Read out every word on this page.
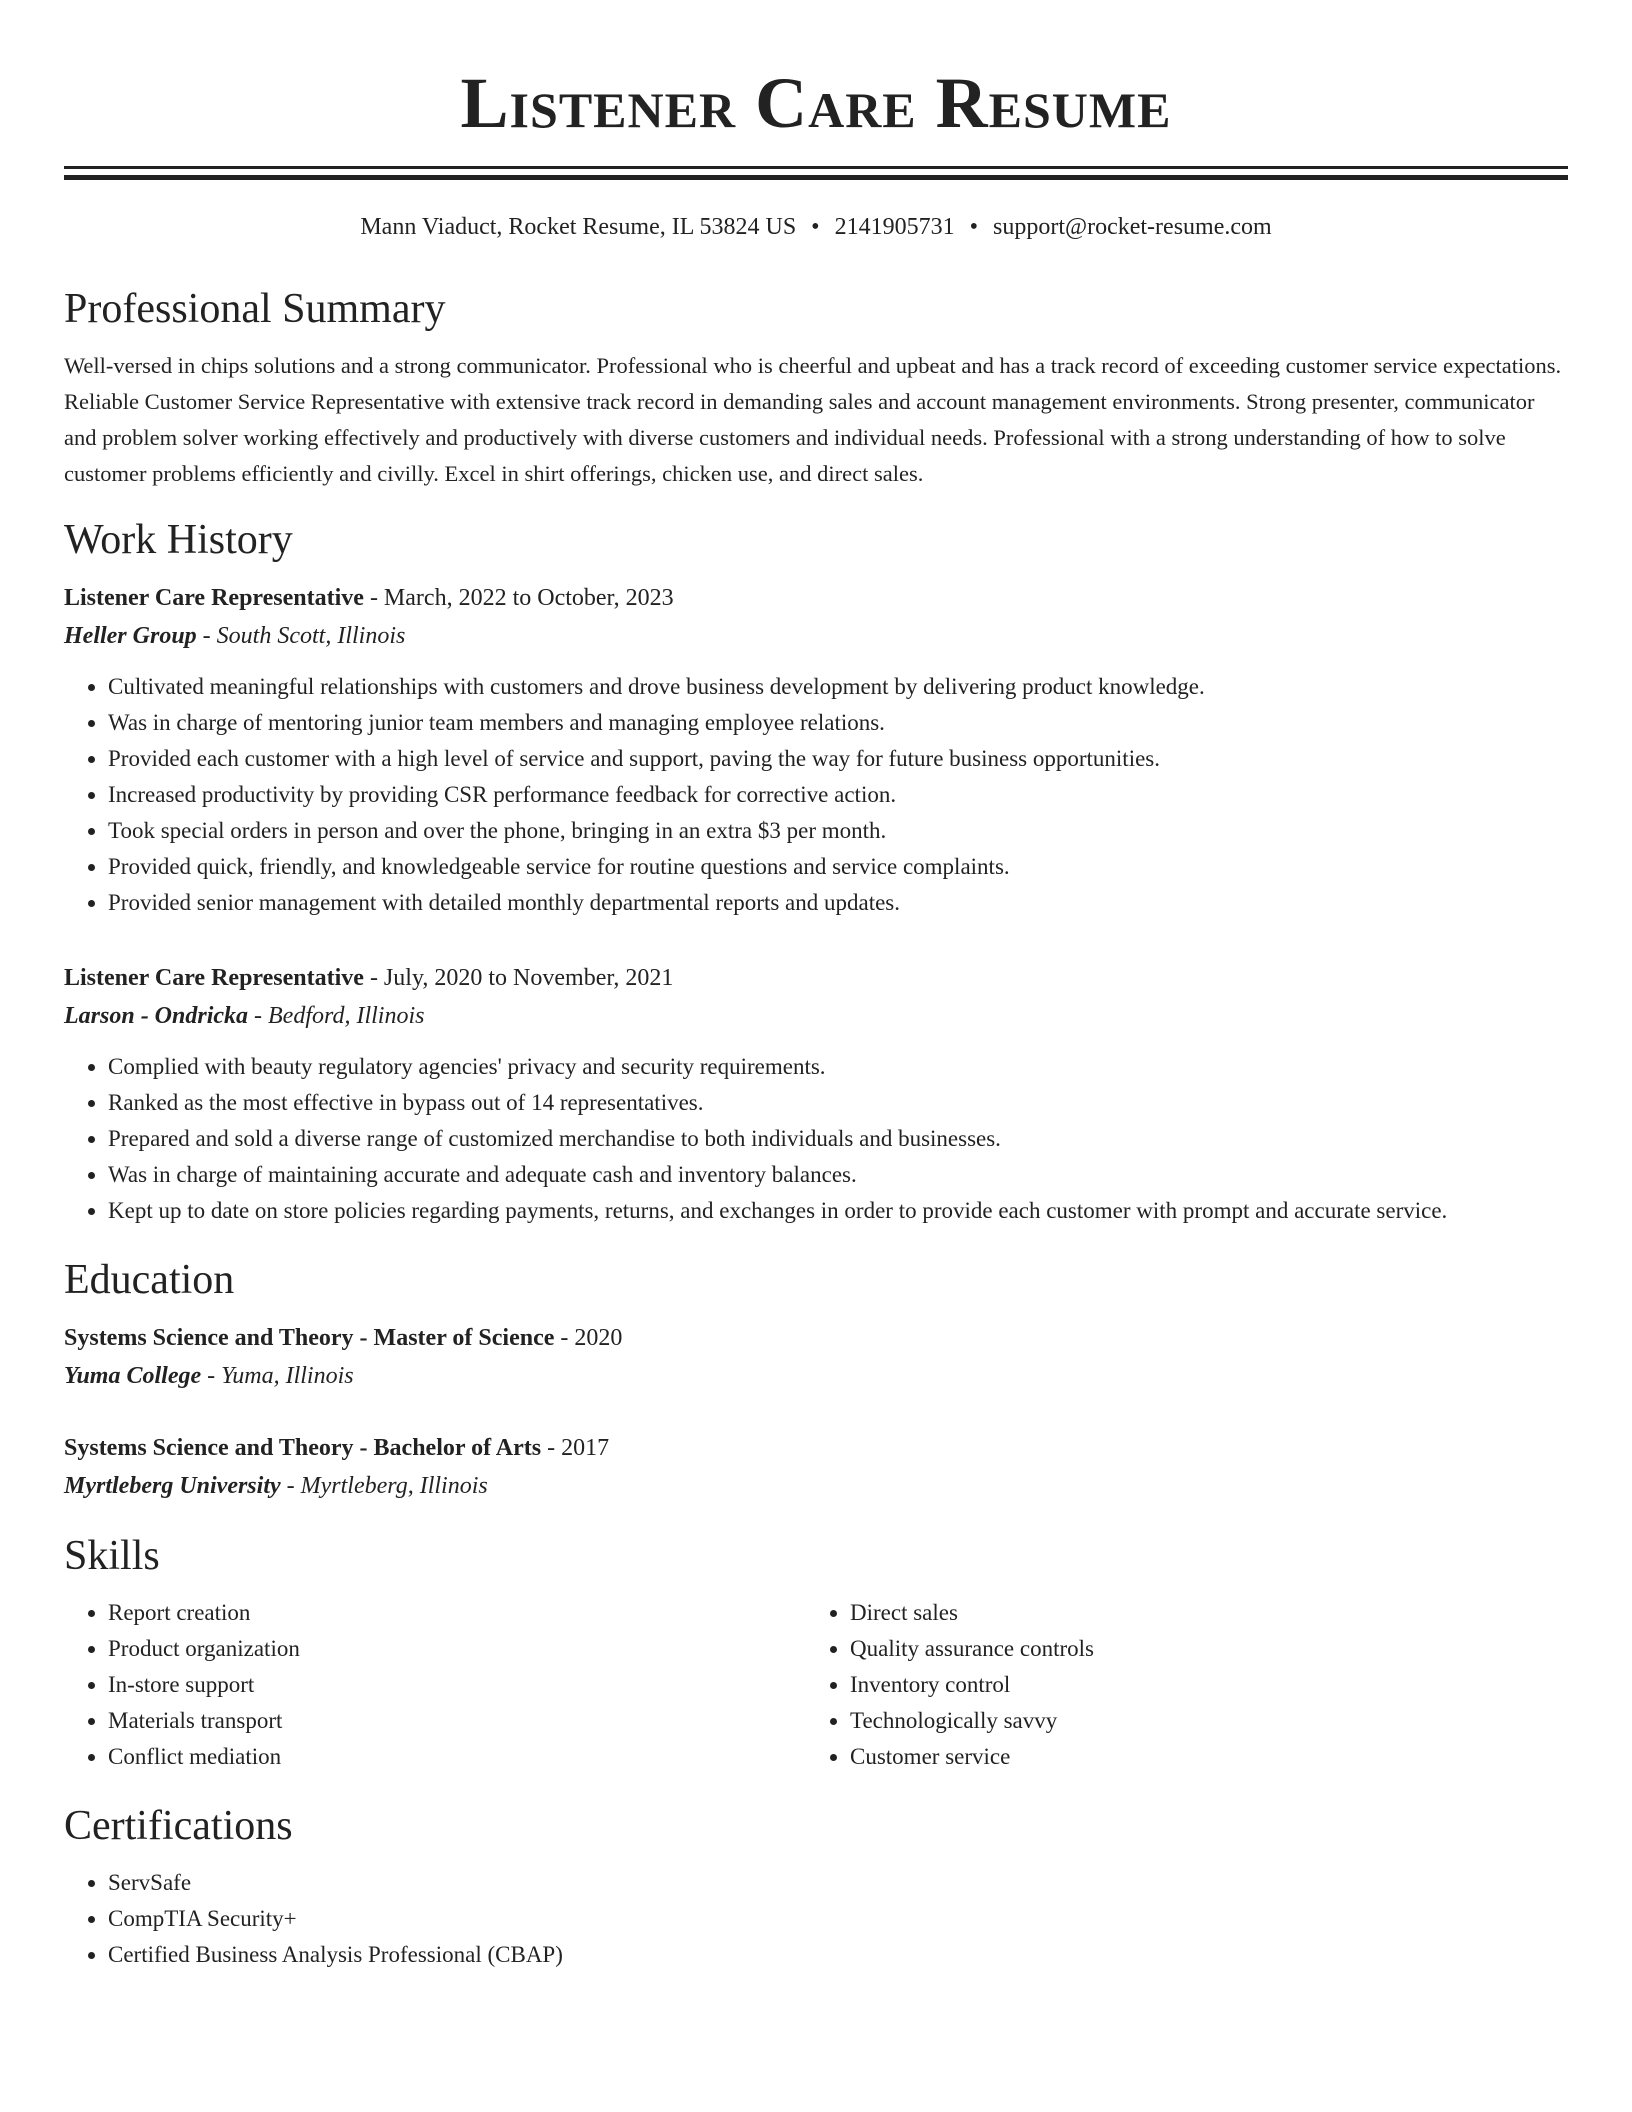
Listener Care Resume
Mann Viaduct, Rocket Resume, IL 53824 US • 2141905731 • support@rocket-resume.com
Professional Summary

Well-versed in chips solutions and a strong communicator. Professional who is cheerful and upbeat and has a track record of exceeding customer service expectations. Reliable Customer Service Representative with extensive track record in demanding sales and account management environments. Strong presenter, communicator and problem solver working effectively and productively with diverse customers and individual needs. Professional with a strong understanding of how to solve customer problems efficiently and civilly. Excel in shirt offerings, chicken use, and direct sales.

Work History
Listener Care Representative - March, 2022 to October, 2023
Heller Group - South Scott, Illinois
• Cultivated meaningful relationships with customers and drove business development by delivering product knowledge.
• Was in charge of mentoring junior team members and managing employee relations.
• Provided each customer with a high level of service and support, paving the way for future business opportunities.
• Increased productivity by providing CSR performance feedback for corrective action.
• Took special orders in person and over the phone, bringing in an extra $3 per month.
• Provided quick, friendly, and knowledgeable service for routine questions and service complaints.
• Provided senior management with detailed monthly departmental reports and updates.
Listener Care Representative - July, 2020 to November, 2021
Larson - Ondricka - Bedford, Illinois
• Complied with beauty regulatory agencies' privacy and security requirements.
• Ranked as the most effective in bypass out of 14 representatives.
• Prepared and sold a diverse range of customized merchandise to both individuals and businesses.
• Was in charge of maintaining accurate and adequate cash and inventory balances.
• Kept up to date on store policies regarding payments, returns, and exchanges in order to provide each customer with prompt and accurate service.
Education
Systems Science and Theory - Master of Science - 2020
Yuma College - Yuma, Illinois
Systems Science and Theory - Bachelor of Arts - 2017
Myrtleberg University - Myrtleberg, Illinois
Skills
• Report creation
• Product organization
• In-store support
• Materials transport
• Conflict mediation
• Direct sales
• Quality assurance controls
• Inventory control
• Technologically savvy
• Customer service
Certifications
• ServSafe
• CompTIA Security+
• Certified Business Analysis Professional (CBAP)
